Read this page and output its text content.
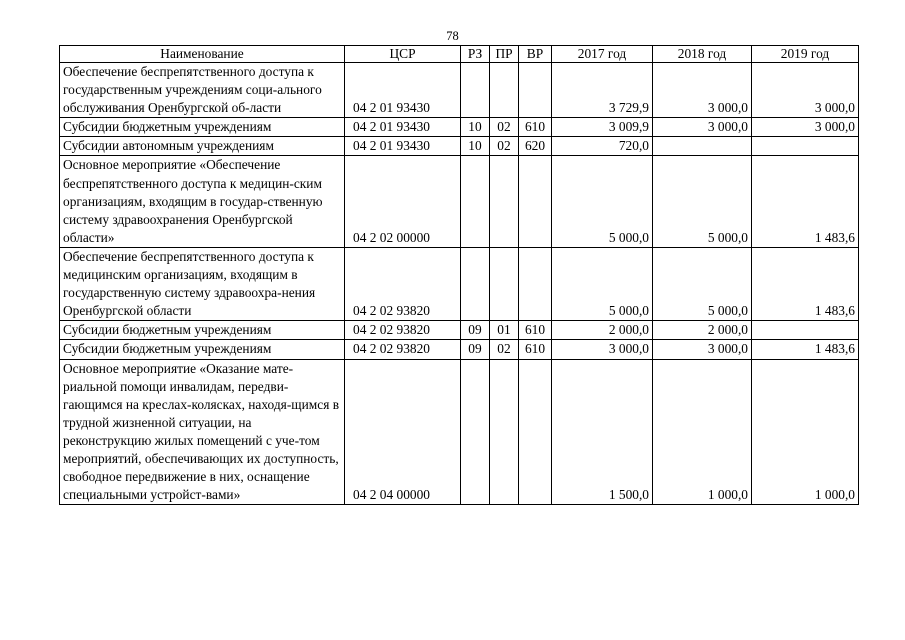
78
Наименование	ЦСР	РЗ	ПР	ВР	2017 год	2018 год	2019 год
Обеспечение беспрепятственного доступа к государственным учреждениям соци-ального обслуживания Оренбургской об-ласти	04 2 01 93430				3 729,9	3 000,0	3 000,0
Субсидии бюджетным учреждениям	04 2 01 93430	10	02	610	3 009,9	3 000,0	3 000,0
Субсидии автономным учреждениям	04 2 01 93430	10	02	620	720,0		
Основное мероприятие «Обеспечение беспрепятственного доступа к медицин-ским организациям, входящим в государ-ственную систему здравоохранения Оренбургской области»	04 2 02 00000				5 000,0	5 000,0	1 483,6
Обеспечение беспрепятственного доступа к медицинским организациям, входящим в государственную систему здравоохра-нения Оренбургской области	04 2 02 93820				5 000,0	5 000,0	1 483,6
Субсидии бюджетным учреждениям	04 2 02 93820	09	01	610	2 000,0	2 000,0	
Субсидии бюджетным учреждениям	04 2 02 93820	09	02	610	3 000,0	3 000,0	1 483,6
Основное мероприятие «Оказание мате-риальной помощи инвалидам, передви-гающимся на креслах-колясках, находя-щимся в трудной жизненной ситуации, на реконструкцию жилых помещений с уче-том мероприятий, обеспечивающих их доступность, свободное передвижение в них, оснащение специальными устройст-вами»	04 2 04 00000				1 500,0	1 000,0	1 000,0
